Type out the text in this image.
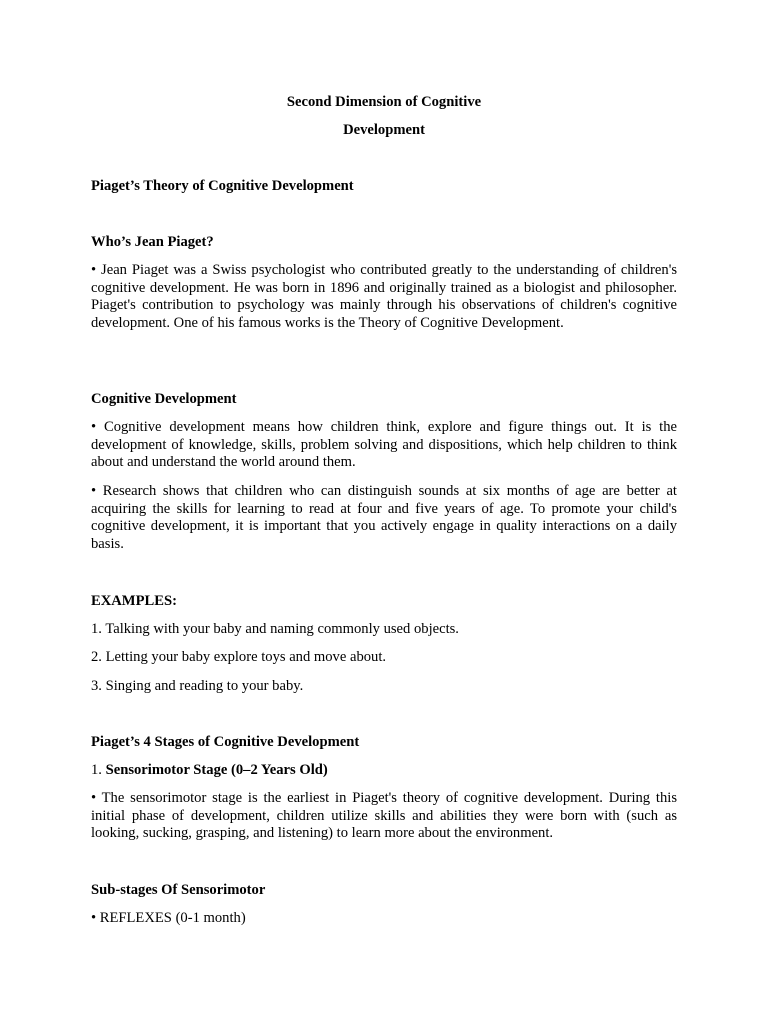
Second Dimension of Cognitive

Development

Piaget’s Theory of Cognitive Development

Who’s Jean Piaget?

• Jean Piaget was a Swiss psychologist who contributed greatly to the understanding of children's cognitive development. He was born in 1896 and originally trained as a biologist and philosopher. Piaget's contribution to psychology was mainly through his observations of children's cognitive development. One of his famous works is the Theory of Cognitive Development.

Cognitive Development

• Cognitive development means how children think, explore and figure things out. It is the development of knowledge, skills, problem solving and dispositions, which help children to think about and understand the world around them.

• Research shows that children who can distinguish sounds at six months of age are better at acquiring the skills for learning to read at four and five years of age. To promote your child's cognitive development, it is important that you actively engage in quality interactions on a daily basis.

EXAMPLES:

1. Talking with your baby and naming commonly used objects.

2. Letting your baby explore toys and move about.

3. Singing and reading to your baby.

Piaget’s 4 Stages of Cognitive Development

1. Sensorimotor Stage (0–2 Years Old)

• The sensorimotor stage is the earliest in Piaget's theory of cognitive development. During this initial phase of development, children utilize skills and abilities they were born with (such as looking, sucking, grasping, and listening) to learn more about the environment.

Sub-stages Of Sensorimotor

• REFLEXES (0-1 month)
